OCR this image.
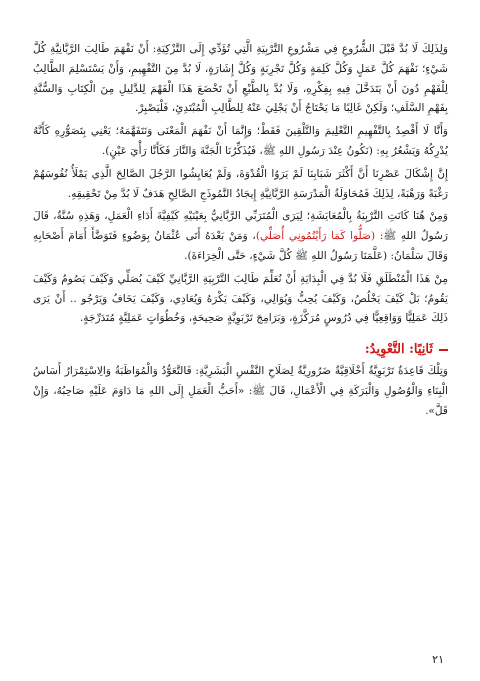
وَلِذَلِكَ لَا بُدَّ قَبْلَ الشُّرُوعِ فِي مَشْرُوعِ التَّرْبِيَةِ الَّتِي تُؤَدِّي إِلَى التَّزْكِيَةِ: أَنْ نَفْهَمَ طَالِبَ الرَّبَّانِيَّةِ كُلَّ شَيْءٍ؛ نَفْهَمَ كُلَّ عَمَلٍ وَكُلَّ كَلِمَةٍ وَكُلَّ تَجْرِبَةٍ وَكُلَّ إِشَارَةٍ، لَا بُدَّ مِنَ التَّفْهِيمِ، وَأَنْ يَسْتَسْلِمَ الطَّالِبُ لِلْفَهْمِ دُونَ أَنْ يَتَدَخَّلَ فِيهِ بِفِكْرِهِ، وَلَا بُدَّ بِالطَّبْعِ أَنْ تَخْضَعَ هَذَا الْفَهْمَ لِلدَّلِيلِ مِنَ الْكِتَابِ وَالسُّنَّةِ بِفَهْمِ السَّلَفِ؛ وَلَكِنْ غَالِبًا مَا يَحْتَاجُ أَنْ يَجْلِيَ عَنْهُ لِلطَّالِبِ الْمُبْتَدِئِ، فَلْيَصْبِرْ.

وَأَنَّا لَا أَقْصِدُ بِالتَّفْهِيمِ التَّعْلِيمَ وَالتَّلْقِينَ فَقَطْ؛ وَإِنَّمَا أَنْ نَفْهَمَ الْمَعْنَى وَنَتَفَهَّمَهُ؛ يَعْنِي بِتَصَوُّرِهِ كَأَنَّهُ يُدْرِكُهُ وَيَشْعُرُ بِهِ: (نَكُونُ عِنْدَ رَسُولِ اللهِ ﷺ، فَيُذَكِّرُنَا الْجَنَّةَ وَالنَّارَ فَكَأَنَّا رَأْيَ عَيْنٍ).

إِنَّ إِشْكَالَ عَصْرِنَا أَنَّ أَكْثَرَ شَبَابِنَا لَمْ يَرَوُا الْقُدْوَةَ، وَلَمْ يُعَايِشُوا الرَّجُلَ الصَّالِحَ الَّذِي يَمْلَأُ نُفُوسَهُمْ رَغْبَةً وَرَهْبَةً، لِذَلِكَ فَمُحَاوَلَةُ الْمَدْرَسَةِ الرَّبَّانِيَّةِ إِيجَادُ النَّمُوذَجِ الصَّالِحِ هَدَفٌ لَا بُدَّ مِنْ تَحْقِيقِهِ.

وَمِنْ هُنَا كَانَتِ التَّرْبِيَةُ بِالْمُعَايَشَةِ؛ لِيَرَى الْمُتَرَبِّي الرَّبَّانِيُّ بِعَيْنَيْهِ كَيْفِيَّةَ أَدَاءِ الْعَمَلِ، وَهَذِهِ سُنَّةٌ، قَالَ رَسُولُ اللهِ ﷺ: (صَلُّوا كَمَا رَأَيْتُمُونِي أُصَلِّي)، وَمَنْ بَعْدَهُ أَتَى عُثْمَانُ بِوَضُوءٍ فَتَوَضَّأَ أَمَامَ أَصْحَابِهِ وَقَالَ سَلْمَانُ: (عَلَّمَنَا رَسُولُ اللهِ ﷺ كُلَّ شَيْءٍ، حَتَّى الْخِرَاءَةَ).

مِنْ هَذَا الْمُنْطَلَقِ فَلَا بُدَّ فِي الْبِدَايَةِ أَنْ نُعَلِّمَ طَالِبَ التَّرْبِيَةِ الرَّبَّانِيِّ كَيْفَ يُصَلِّي وَكَيْفَ يَصُومُ وَكَيْفَ يَقُومُ؛ بَلْ كَيْفَ يَخْلُصُ، وَكَيْفَ يُحِبُّ وَيُوَالِي، وَكَيْفَ يَكْرَهُ وَيُعَادِي، وَكَيْفَ يَخَافُ وَيَرْجُو .. أَنْ يَرَى ذَلِكَ عَمَلِيًّا وَوَاقِعِيًّا فِي دُرُوسٍ مُرَكَّزَةٍ، وَبَرَامِجَ تَرْبَوِيَّةٍ صَحِيحَةٍ، وَخُطُوَاتٍ عَمَلِيَّةٍ مُتَدَرِّجَةٍ.

ثَانِيًا: التَّعْوِيدُ:

وَتِلْكَ قَاعِدَةٌ تَرْبَوِيَّةٌ أَخْلَاقِيَّةٌ ضَرُورِيَّةٌ لِصَلَاحِ النَّفْسِ الْبَشَرِيَّةِ: فَالتَّعَوُّدُ وَالْمُوَاظَبَةُ وَالِاسْتِمْرَارُ أَسَاسُ الْبِنَاءِ وَالْوُصُولِ وَالْبَرَكَةِ فِي الْأَعْمَالِ، قَالَ ﷺ: «أَحَبُّ الْعَمَلِ إِلَى اللهِ مَا دَاوَمَ عَلَيْهِ صَاحِبُهُ، وَإِنْ قَلَّ».

٢١
